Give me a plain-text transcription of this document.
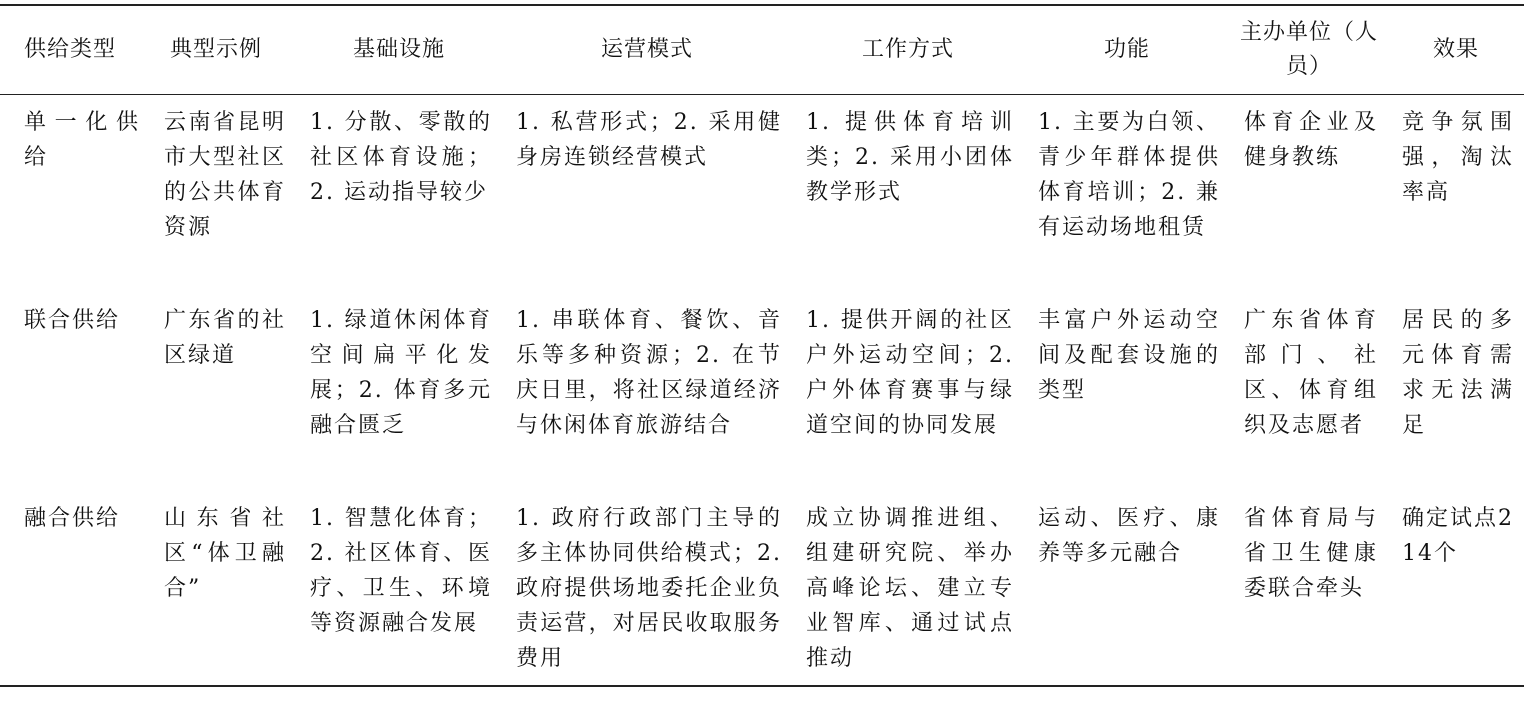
供给类型	典型示例	基础设施	运营模式	工作方式	功能	主办单位（人员）	效果
单一化供给	云南省昆明市大型社区的公共体育资源	1. 分散、零散的社区体育设施；2. 运动指导较少	1. 私营形式；2. 采用健身房连锁经营模式	1. 提供体育培训类；2. 采用小团体教学形式	1. 主要为白领、青少年群体提供体育培训；2. 兼有运动场地租赁	体育企业及健身教练	竞争氛围强，淘汰率高
联合供给	广东省的社区绿道	1. 绿道休闲体育空间扁平化发展；2. 体育多元融合匮乏	1. 串联体育、餐饮、音乐等多种资源；2. 在节庆日里，将社区绿道经济与休闲体育旅游结合	1. 提供开阔的社区户外运动空间；2. 户外体育赛事与绿道空间的协同发展	丰富户外运动空间及配套设施的类型	广东省体育部门、社区、体育组织及志愿者	居民的多元体育需求无法满足
融合供给	山东省社区“体卫融合”	1. 智慧化体育；2. 社区体育、医疗、卫生、环境等资源融合发展	1. 政府行政部门主导的多主体协同供给模式；2. 政府提供场地委托企业负责运营，对居民收取服务费用	成立协调推进组、组建研究院、举办高峰论坛、建立专业智库、通过试点推动	运动、医疗、康养等多元融合	省体育局与省卫生健康委联合牵头	确定试点214个
